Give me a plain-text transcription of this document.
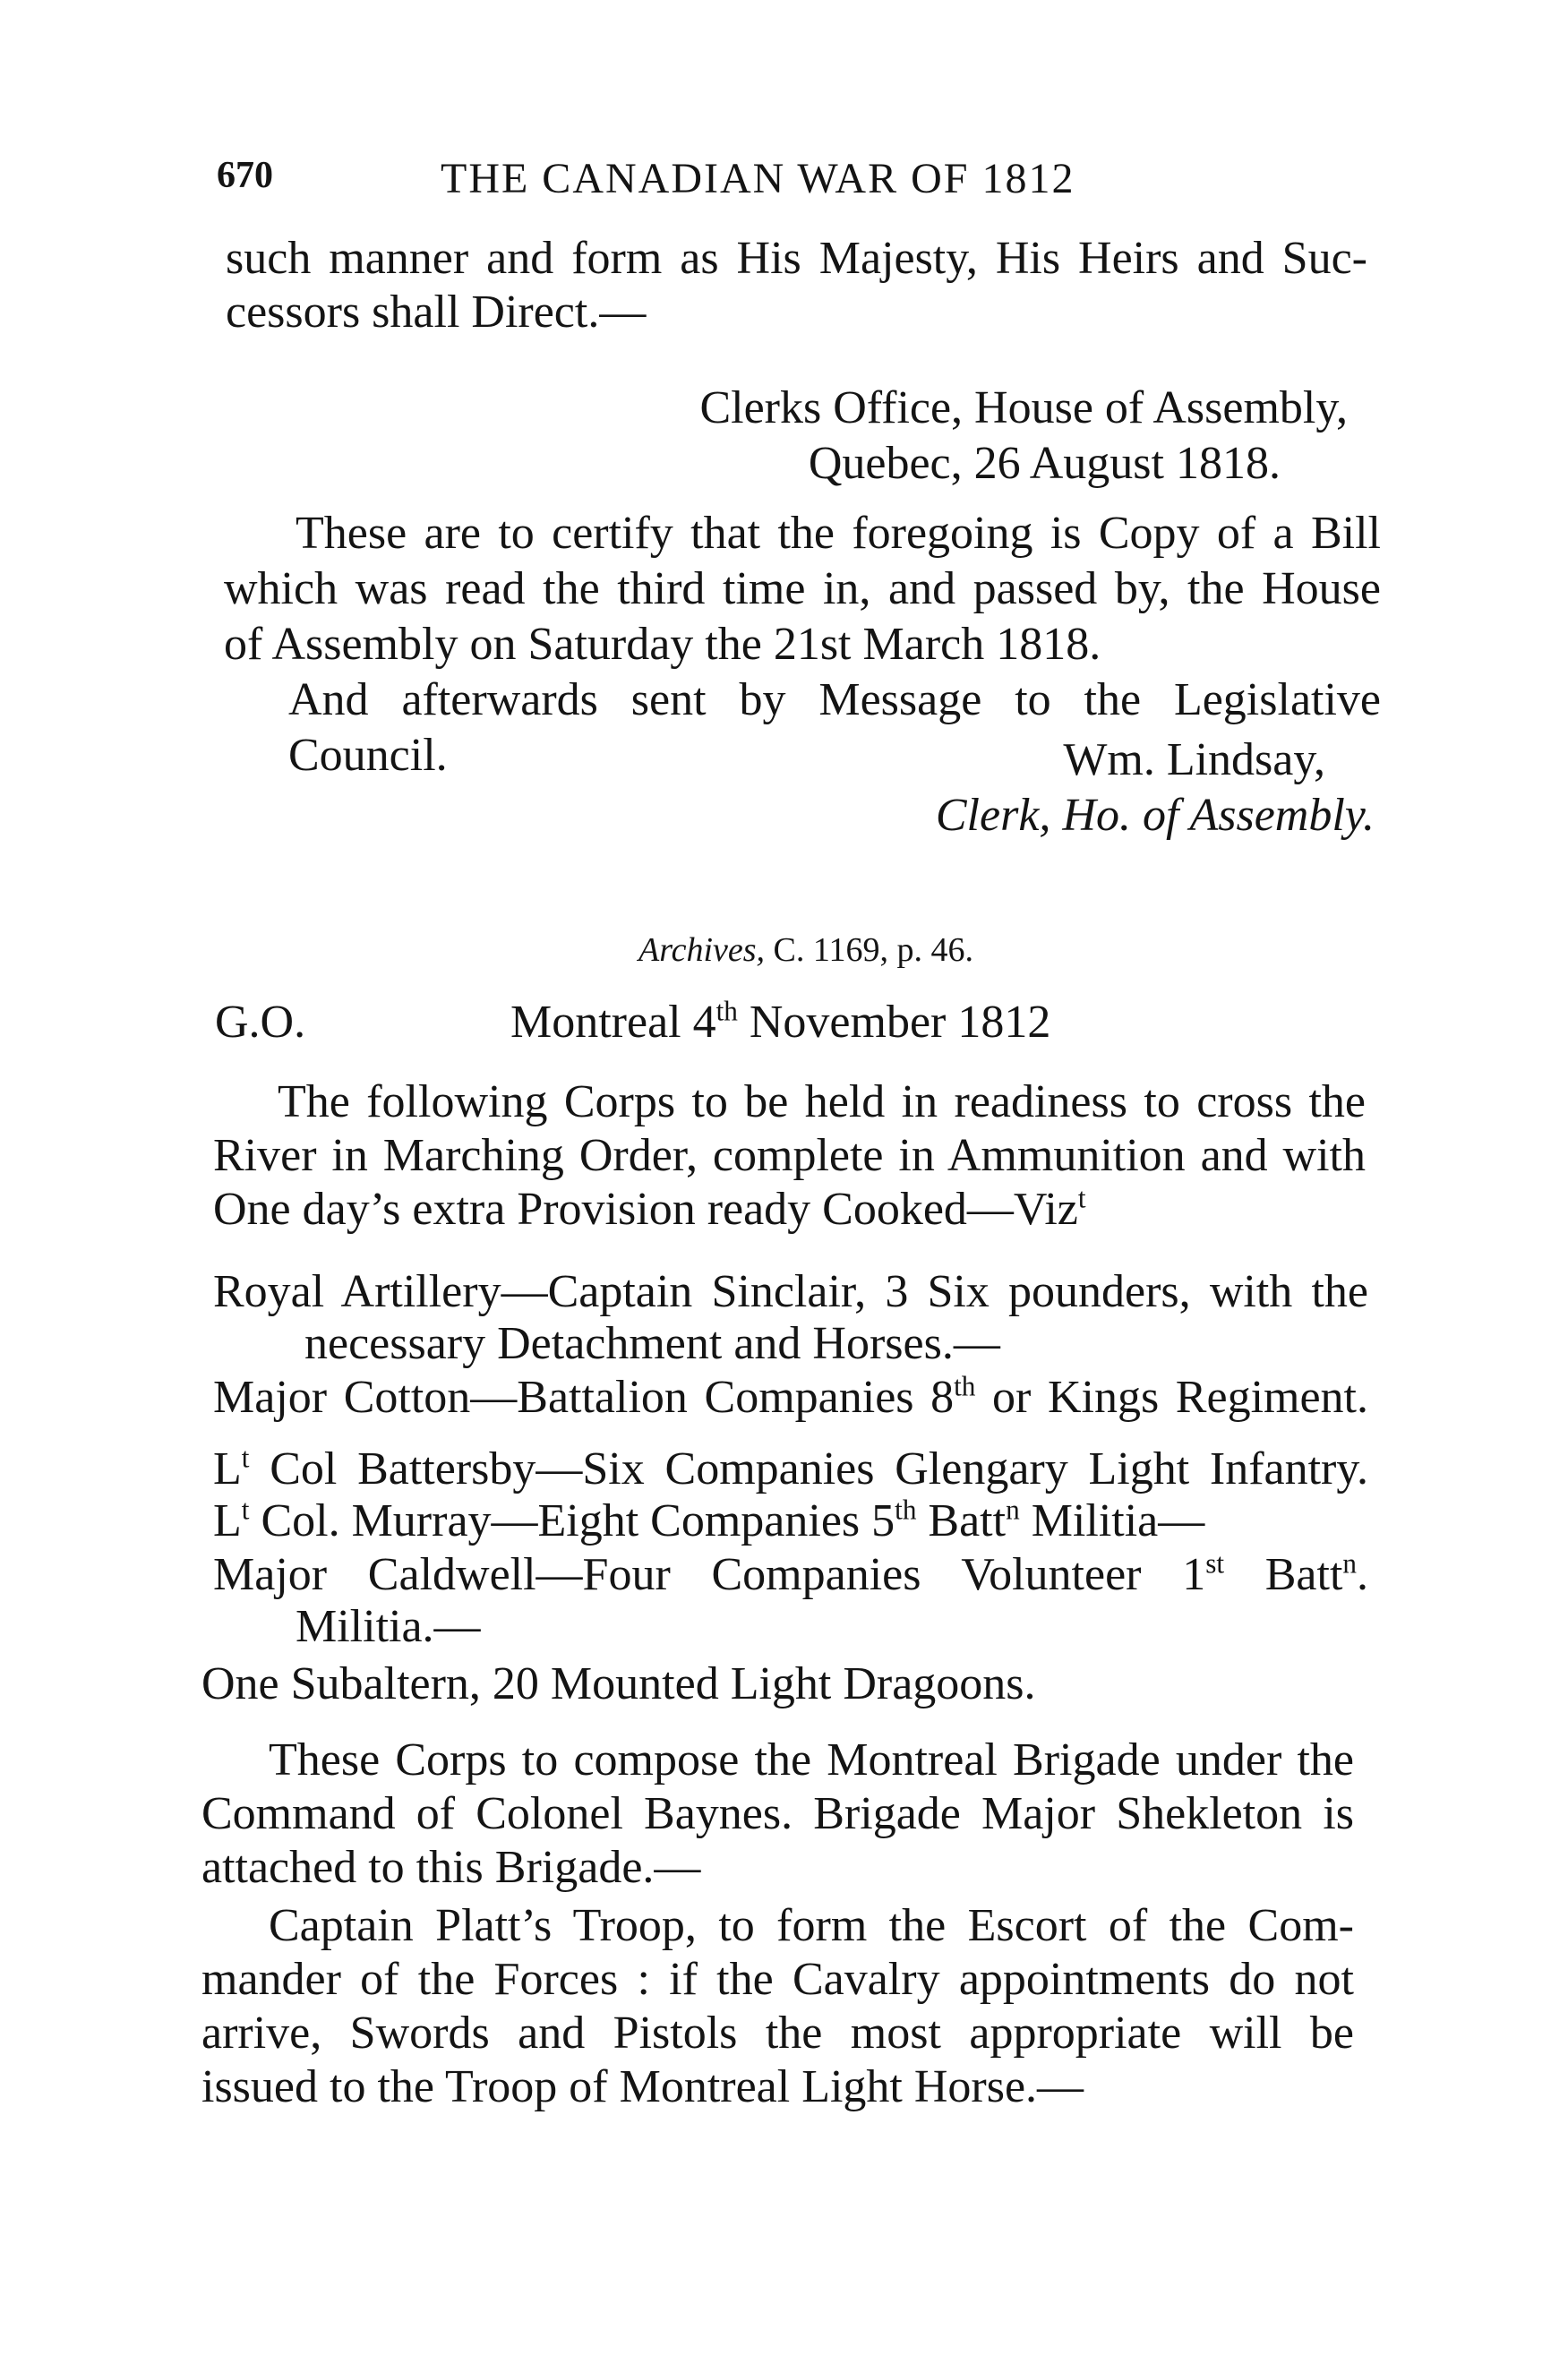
670	THE CANADIAN WAR OF 1812
such manner and form as His Majesty, His Heirs and Suc-
cessors shall Direct.—
Clerks Office, House of Assembly,
Quebec, 26 August 1818.
These are to certify that the foregoing is Copy of a Bill
which was read the third time in, and passed by, the House
of Assembly on Saturday the 21st March 1818.
And afterwards sent by Message to the Legislative Council.	Wm. Lindsay,
Clerk, Ho. of Assembly.
Archives, C. 1169, p. 46.
G.O.	Montreal 4th November 1812
The following Corps to be held in readiness to cross the
River in Marching Order, complete in Ammunition and with
One day’s extra Provision ready Cooked—Viz$^t$
Royal Artillery—Captain Sinclair, 3 Six pounders, with the
necessary Detachment and Horses.—
Major Cotton—Battalion Companies 8th or Kings Regiment.
$L^t$ Col Battersby—Six Companies Glengary Light Infantry.
$L^t$ Col. Murray—Eight Companies 5th Batt$^n$ Militia—
Major Caldwell—Four Companies Volunteer 1st Batt$^n$.
Militia.—
One Subaltern, 20 Mounted Light Dragoons.
These Corps to compose the Montreal Brigade under the
Command of Colonel Baynes. Brigade Major Shekleton is
attached to this Brigade.—
Captain Platt’s Troop, to form the Escort of the Com-
mander of the Forces : if the Cavalry appointments do not
arrive, Swords and Pistols the most appropriate will be
issued to the Troop of Montreal Light Horse.—
